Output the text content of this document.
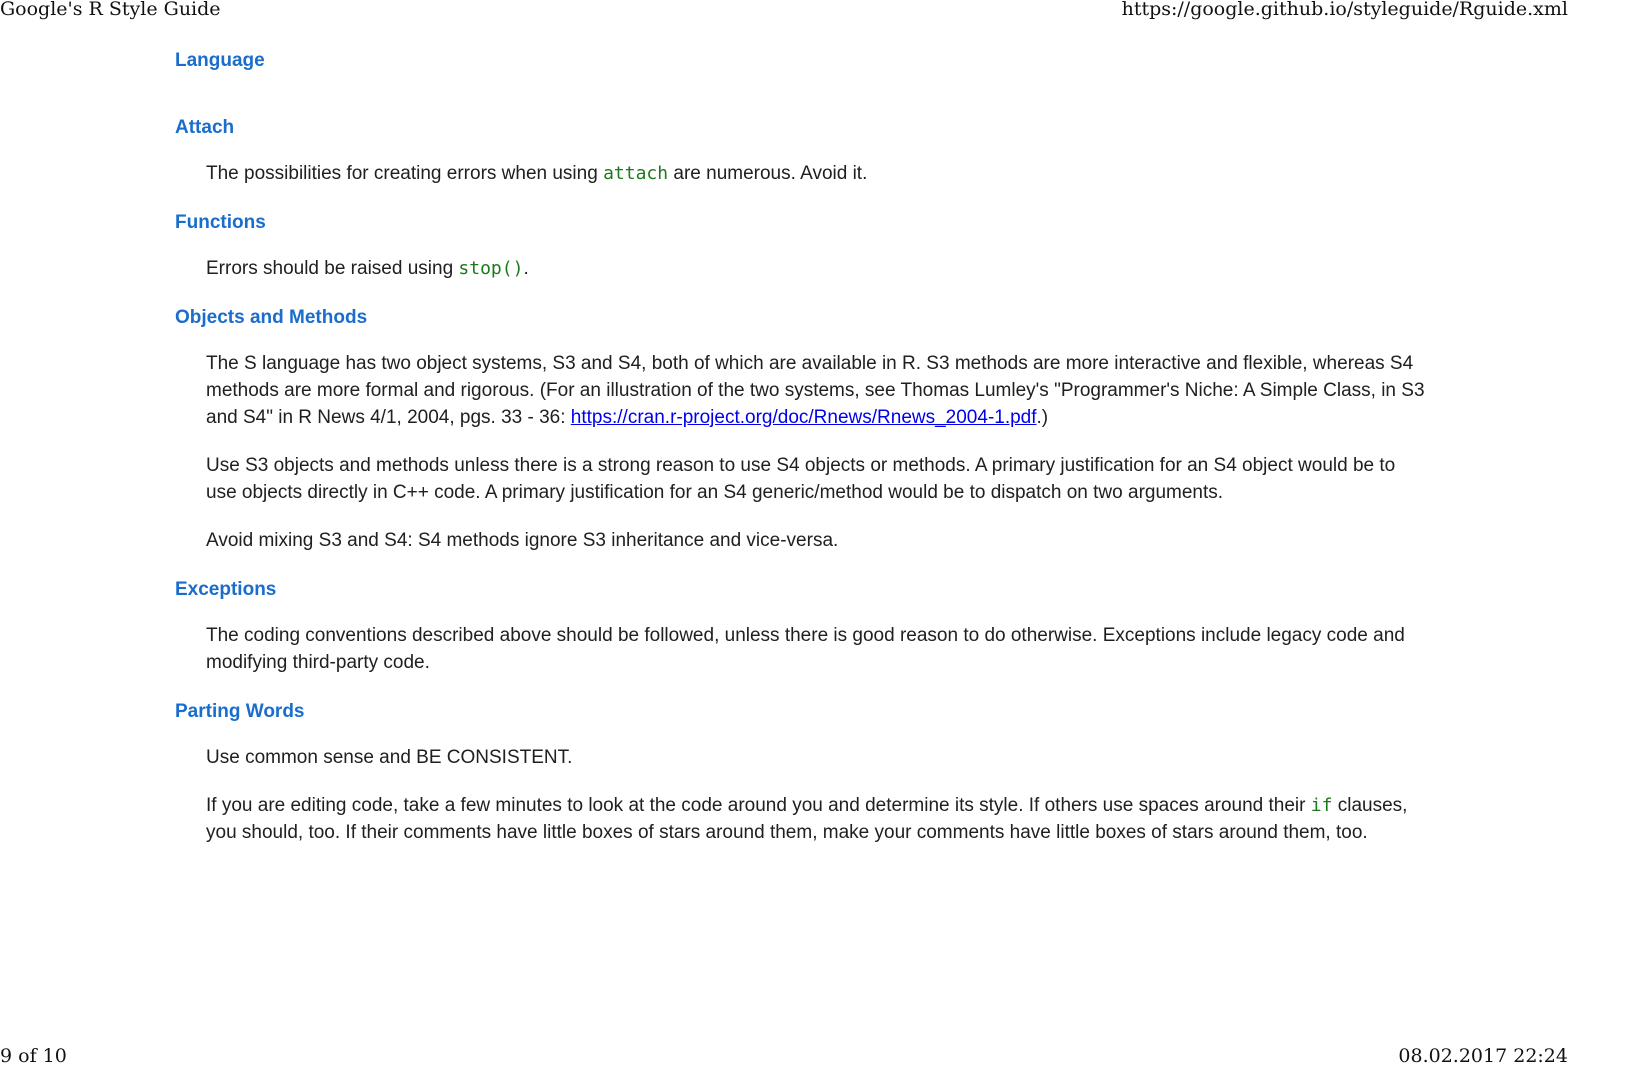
Google's R Style Guide	https://google.github.io/styleguide/Rguide.xml
Language
Attach

The possibilities for creating errors when using attach are numerous. Avoid it.

Functions

Errors should be raised using stop().

Objects and Methods

The S language has two object systems, S3 and S4, both of which are available in R. S3 methods are more interactive and flexible, whereas S4 methods are more formal and rigorous. (For an illustration of the two systems, see Thomas Lumley's "Programmer's Niche: A Simple Class, in S3 and S4" in R News 4/1, 2004, pgs. 33 - 36: https://cran.r-project.org/doc/Rnews/Rnews_2004-1.pdf.)

Use S3 objects and methods unless there is a strong reason to use S4 objects or methods. A primary justification for an S4 object would be to use objects directly in C++ code. A primary justification for an S4 generic/method would be to dispatch on two arguments.

Avoid mixing S3 and S4: S4 methods ignore S3 inheritance and vice-versa.

Exceptions

The coding conventions described above should be followed, unless there is good reason to do otherwise. Exceptions include legacy code and modifying third-party code.

Parting Words

Use common sense and BE CONSISTENT.

If you are editing code, take a few minutes to look at the code around you and determine its style. If others use spaces around their if clauses, you should, too. If their comments have little boxes of stars around them, make your comments have little boxes of stars around them, too.

9 of 10	08.02.2017 22:24
